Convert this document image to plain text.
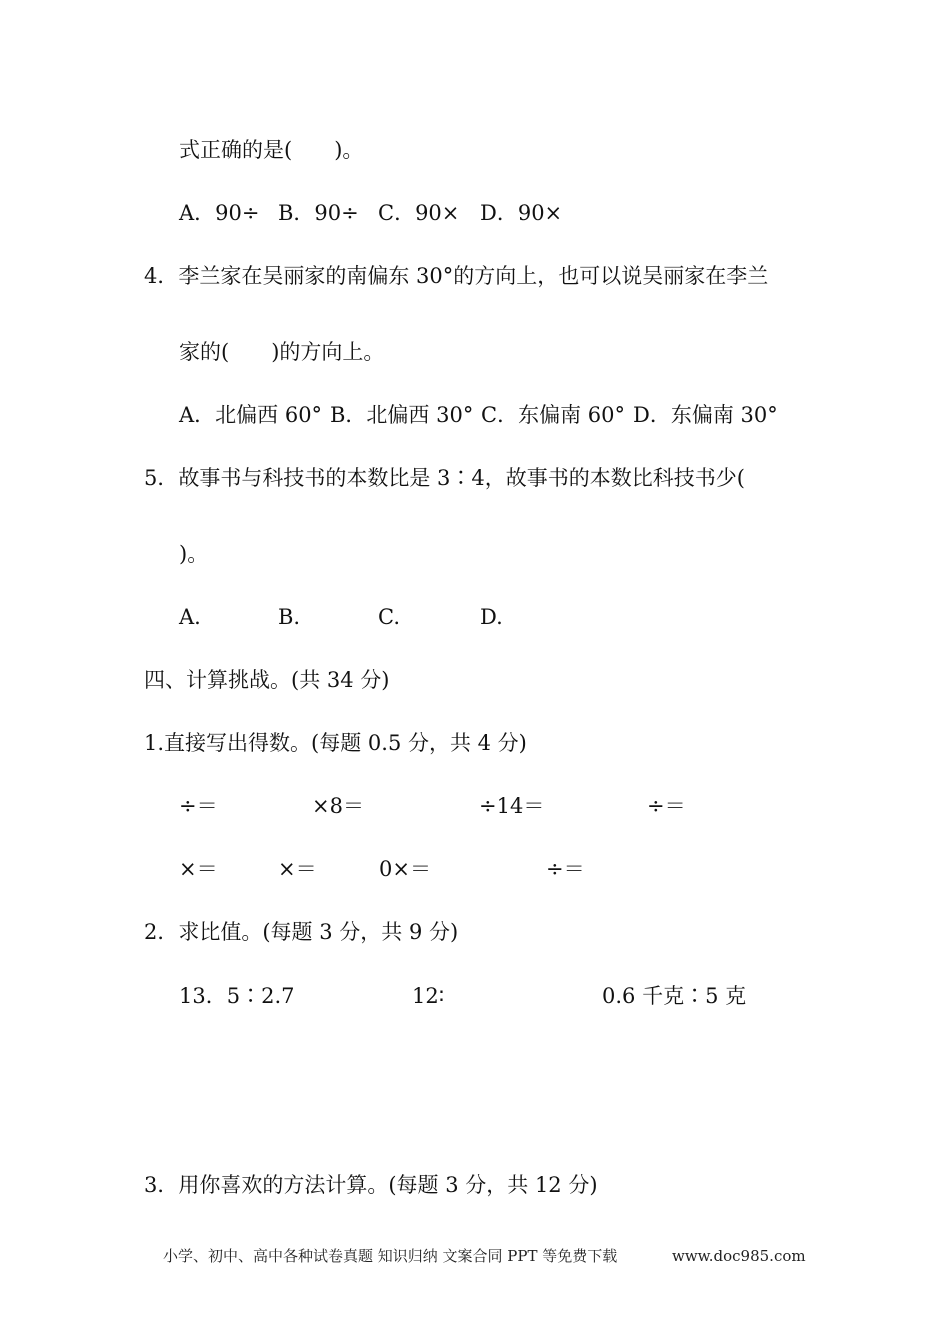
式正确的是(　　)。
A．90÷ B．90÷ C．90× D．90×
4．李兰家在吴丽家的南偏东 30°的方向上，也可以说吴丽家在李兰
家的(　　)的方向上。
A．北偏西 60° B．北偏西 30° C．东偏南 60° D．东偏南 30°
5．故事书与科技书的本数比是 3∶4，故事书的本数比科技书少(
)。
A.	B.	C.	D.
四、计算挑战。(共 34 分)
1.直接写出得数。(每题 0.5 分，共 4 分)
÷＝	×8＝	÷14＝	÷＝
×＝	×＝	0×＝	÷＝
2．求比值。(每题 3 分，共 9 分)
13．5∶2.7	12∶	0.6 千克∶5 克
3．用你喜欢的方法计算。(每题 3 分，共 12 分)
小学、初中、高中各种试卷真题 知识归纳 文案合同 PPT 等免费下载	www.doc985.com
